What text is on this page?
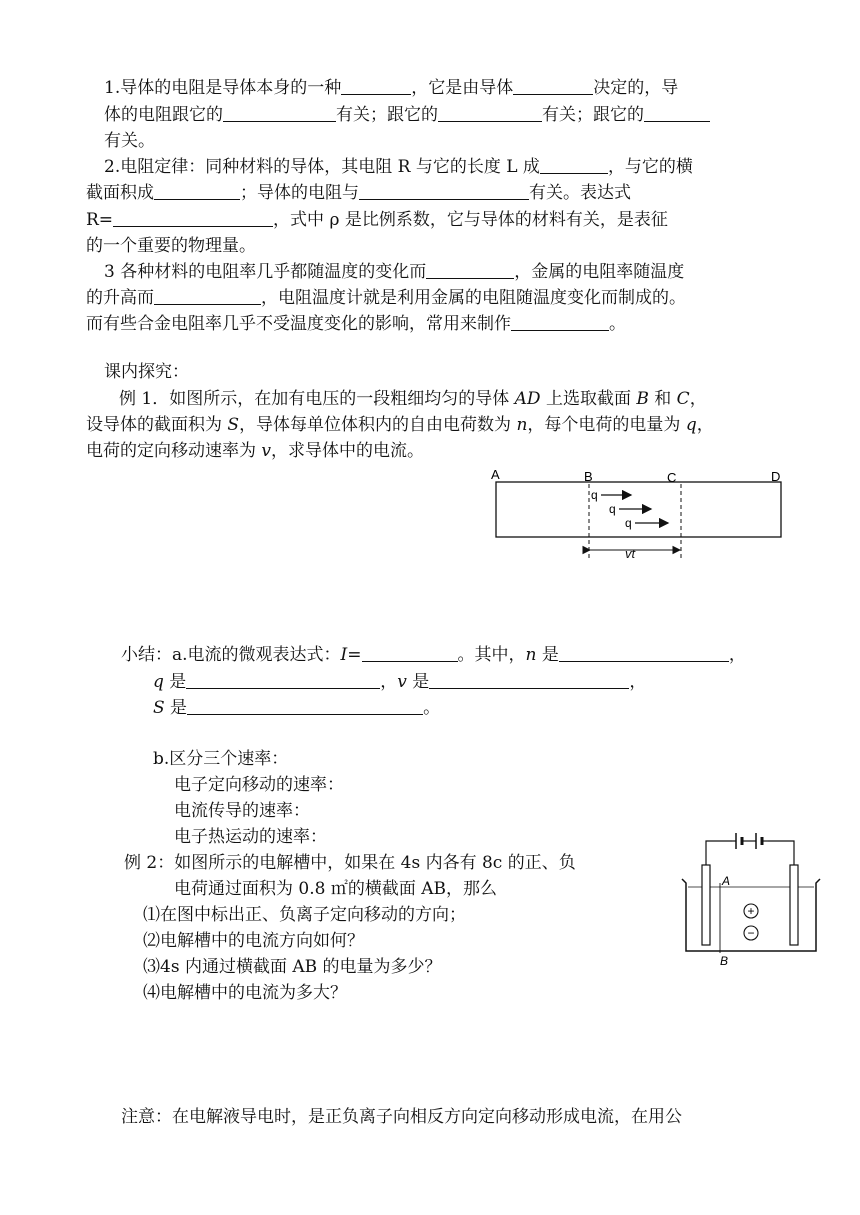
1.导体的电阻是导体本身的一种	，它是由导体	决定的，导
体的电阻跟它的	有关；跟它的	有关；跟它的
有关。
2.电阻定律：同种材料的导体，其电阻 R 与它的长度 L 成	，与它的横
截面积成	；导体的电阻与	有关。表达式
R=	，式中 ρ 是比例系数，它与导体的材料有关，是表征
的一个重要的物理量。
3 各种材料的电阻率几乎都随温度的变化而	，金属的电阻率随温度
的升高而	，电阻温度计就是利用金属的电阻随温度变化而制成的。
而有些合金电阻率几乎不受温度变化的影响，常用来制作	。
课内探究：
例 1．如图所示，在加有电压的一段粗细均匀的导体 AD 上选取截面 B 和 C，
设导体的截面积为 S，导体每单位体积内的自由电荷数为 n，每个电荷的电量为 q，
电荷的定向移动速率为 v，求导体中的电流。
A	B	C	D
q
q
q
vt
小结：a.电流的微观表达式：I=	。其中，n 是	，
q 是	，v 是	，
S 是	。
b.区分三个速率：
电子定向移动的速率：
电流传导的速率：
电子热运动的速率：
例 2：如图所示的电解槽中，如果在 4s 内各有 8c 的正、负
电荷通过面积为 0.8 ㎡的横截面 AB，那么
⑴在图中标出正、负离子定向移动的方向；
⑵电解槽中的电流方向如何？
⑶4s 内通过横截面 AB 的电量为多少？
⑷电解槽中的电流为多大？
A
B
+
−
注意：在电解液导电时，是正负离子向相反方向定向移动形成电流，在用公
